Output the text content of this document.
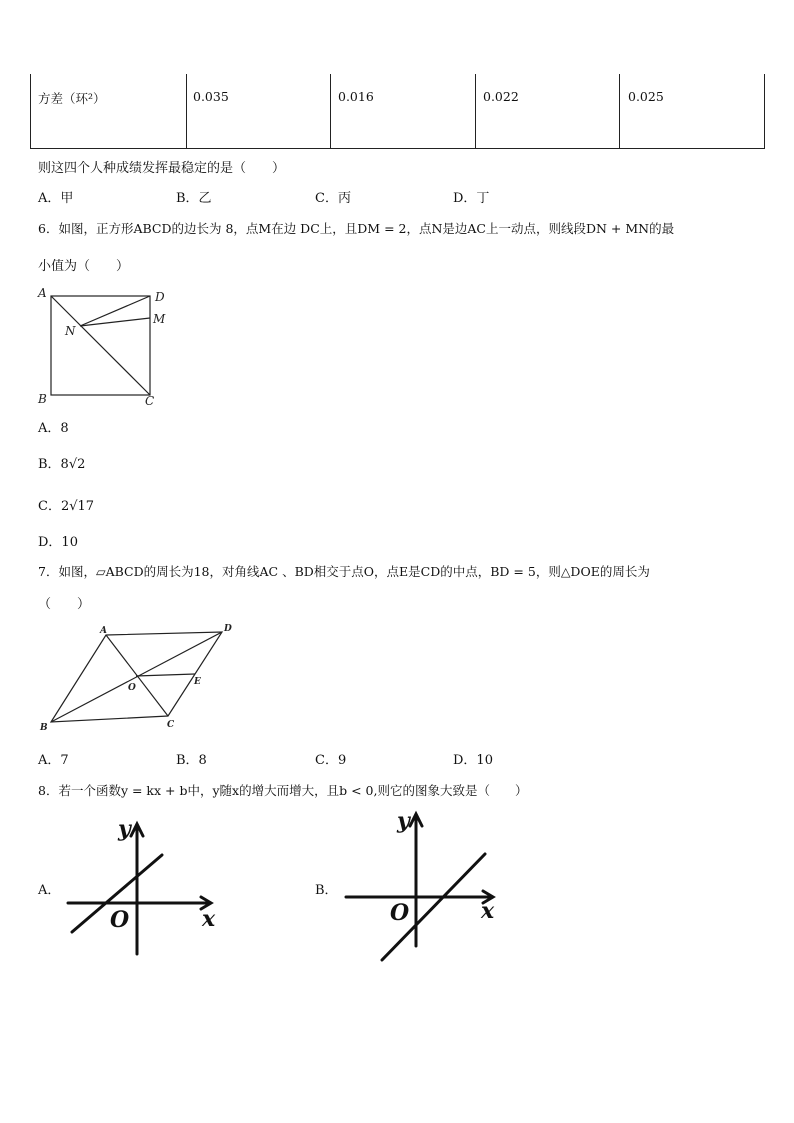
方差（环²）	0.035	0.016	0.022	0.025
则这四个人种成绩发挥最稳定的是（　　）
A．甲	B．乙	C．丙	D．丁
6．如图，正方形ABCD的边长为 8，点M在边 DC上，且DM = 2，点N是边AC上一动点，则线段DN + MN的最
小值为（　　）
A	D
M
N
B	C
A．8
B．8√2
C．2√17
D．10
7．如图，▱ABCD的周长为18，对角线AC 、BD相交于点O，点E是CD的中点，BD = 5，则△DOE的周长为
（　　）
A	D
O
E
B	C
A．7	B．8	C．9	D．10
8．若一个函数y = kx + b中，y随x的增大而增大，且b < 0,则它的图象大致是（　　）
A．
y
x
O
B．
y
x
O
